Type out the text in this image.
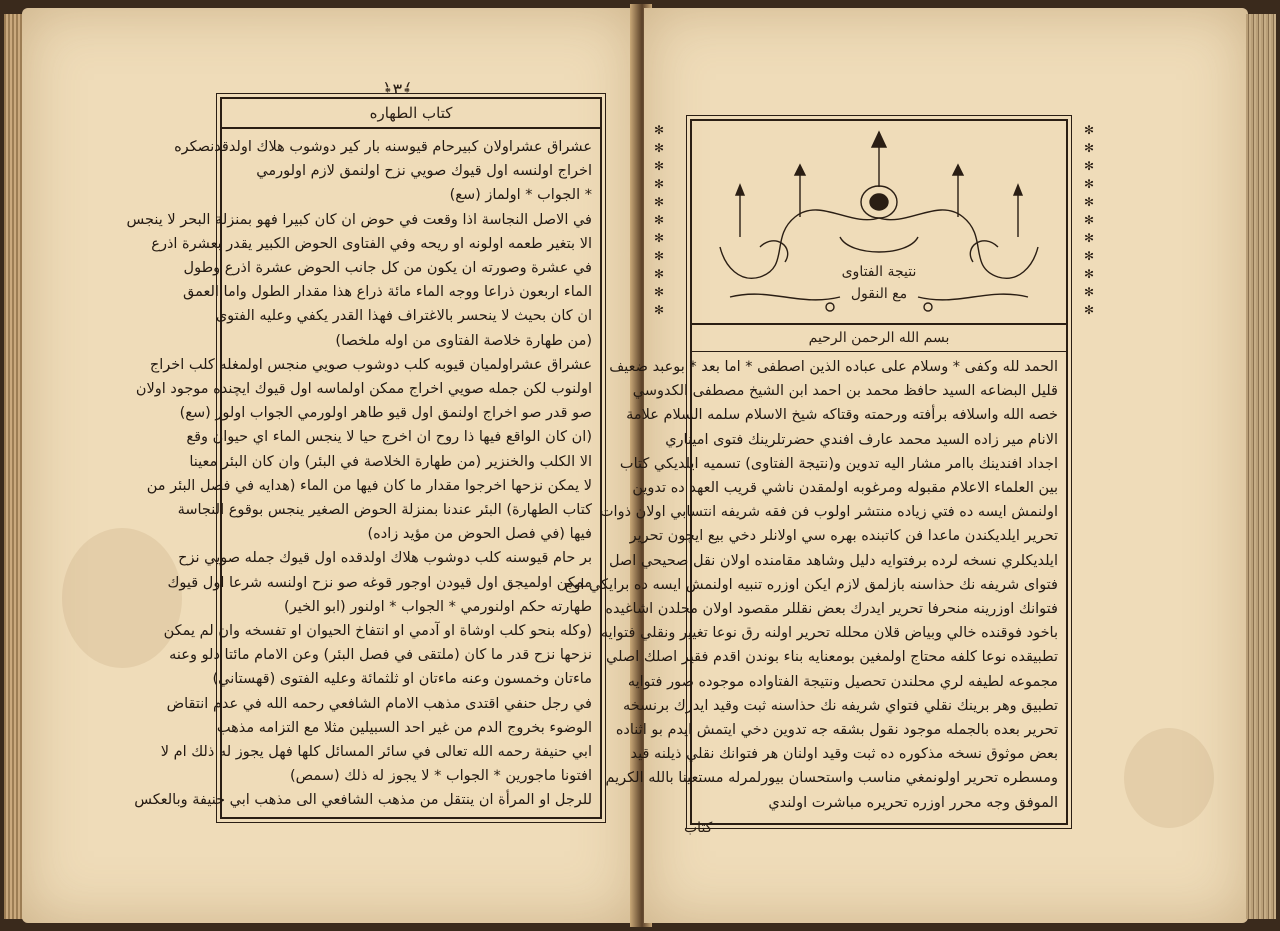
﴿٣﴾
كتاب الطهاره
عشراق عشراولان كبيرحام قيوسنه بار كير دوشوب هلاك اولدقدنصكره
اخراج اولنسه اول قيوك صويي نزح اولنمق لازم اولورمي
* الجواب * اولماز (سع)
في الاصل النجاسة اذا وقعت في حوض ان كان كبيرا فهو بمنزلة البحر لا ينجس
الا بتغير طعمه اولونه او ريحه وفي الفتاوى الحوض الكبير يقدر بعشرة اذرع
في عشرة وصورته ان يكون من كل جانب الحوض عشرة اذرع وطول
الماء اربعون ذراعا ووجه الماء مائة ذراع هذا مقدار الطول واما العمق
ان كان بحيث لا ينحسر بالاغتراف فهذا القدر يكفي وعليه الفتوى
(من طهارة خلاصة الفتاوى من اوله ملخصا)
عشراق عشراولميان قيوبه كلب دوشوب صويي منجس اولمغله كلب اخراج
اولنوب لكن جمله صويي اخراج ممكن اولماسه اول قيوك ايچنده موجود اولان
صو قدر صو اخراج اولنمق اول قيو طاهر اولورمي الجواب اولور (سع)
(ان كان الواقع فيها ذا روح ان اخرج حيا لا ينجس الماء اي حيوان وقع
الا الكلب والخنزير (من طهارة الخلاصة في البئر) وان كان البئر معينا
لا يمكن نزحها اخرجوا مقدار ما كان فيها من الماء (هدايه في فصل البئر من
كتاب الطهارة) البئر عندنا بمنزلة الحوض الصغير ينجس بوقوع النجاسة
فيها (في فصل الحوض من مؤيد زاده)
بر حام قيوسنه كلب دوشوب هلاك اولدقده اول قيوك جمله صويي نزح
ممكن اولميجق اول قيودن اوجور قوغه صو نزح اولنسه شرعا اول قيوك
طهارته حكم اولنورمي * الجواب * اولنور (ابو الخير)
(وكله بنحو كلب اوشاة او آدمي او انتفاخ الحيوان او تفسخه وان لم يمكن
نزحها نزح قدر ما كان (ملتقى في فصل البئر) وعن الامام مائتا دلو وعنه
ماءتان وخمسون وعنه ماءتان او ثلثمائة وعليه الفتوى (قهستاني)
في رجل حنفي اقتدى مذهب الامام الشافعي رحمه الله في عدم انتقاض
الوضوء بخروج الدم من غير احد السبيلين مثلا مع التزامه مذهب
ابي حنيفة رحمه الله تعالى في سائر المسائل كلها فهل يجوز له ذلك ام لا
افتونا ماجورين * الجواب * لا يجوز له ذلك (سمص)
للرجل او المرأة ان ينتقل من مذهب الشافعي الى مذهب ابي حنيفة وبالعكس
✻
✻
✻
✻
✻
✻
✻
✻
✻
✻
✻
✻
✻
✻
✻
✻
✻
✻
✻
✻
✻
✻
نتيجة الفتاوى
مع النقول
بسم الله الرحمن الرحيم
الحمد لله وكفى * وسلام على عباده الذين اصطفى * اما بعد * بوعبد ضعيف
قليل البضاعه السيد حافظ محمد بن احمد ابن الشيخ مصطفى الكدوسي
خصه الله واسلافه برأفته ورحمته وقتاكه شيخ الاسلام سلمه السلام علامة
الانام مير زاده السيد محمد عارف افندي حضرتلرينك فتوى اميناري
اجداد افندينك باامر مشار اليه تدوين و(نتيجة الفتاوى) تسميه ايلديكي كتاب
بين العلماء الاعلام مقبوله ومرغوبه اولمقدن ناشي قريب العهد ده تدوين
اولنمش ايسه ده فتي زياده منتشر اولوب فن فقه شريفه انتسابي اولان ذوات
تحرير ايلديكندن ماعدا فن كاتبنده بهره سي اولانلر دخي بيع ايچون تحرير
ايلديكلري نسخه لرده برفتوايه دليل وشاهد مقامنده اولان نقل صحيحي اصل
فتوای شريفه نك حذاسنه بازلمق لازم ايكن اوزره تنبيه اولنمش ايسه ده برايكي اوج
فتوانك اوزرينه منحرفا تحرير ايدرك بعض نقللر مقصود اولان محلدن اشاغيده
باخود فوقنده خالي وبياض قلان محلله تحرير اولنه رق نوعا تغيير ونقلي فتوايه
تطبيقده نوعا كلفه محتاج اولمغين بومعنايه بناء بوندن اقدم فقير اصلك اصلي
مجموعه لطيفه لري محلندن تحصيل ونتيجة الفتاواده موجوده صور فتوايه
تطبيق وهر برينك نقلي فتواي شريفه نك حذاسنه ثبت وقيد ايدرك برنسخه
تحرير بعده بالجمله موجود نقول بشقه جه تدوين دخي ايتمش ايدم بو اثناده
بعض موثوق نسخه مذكوره ده ثبت وقيد اولنان هر فتوانك نقلي ذيلنه قيد
ومسطره تحرير اولونمغي مناسب واستحسان بيورلمرله مستعينا بالله الكريم
الموفق وجه محرر اوزره تحريره مباشرت اولندي
كتاب
